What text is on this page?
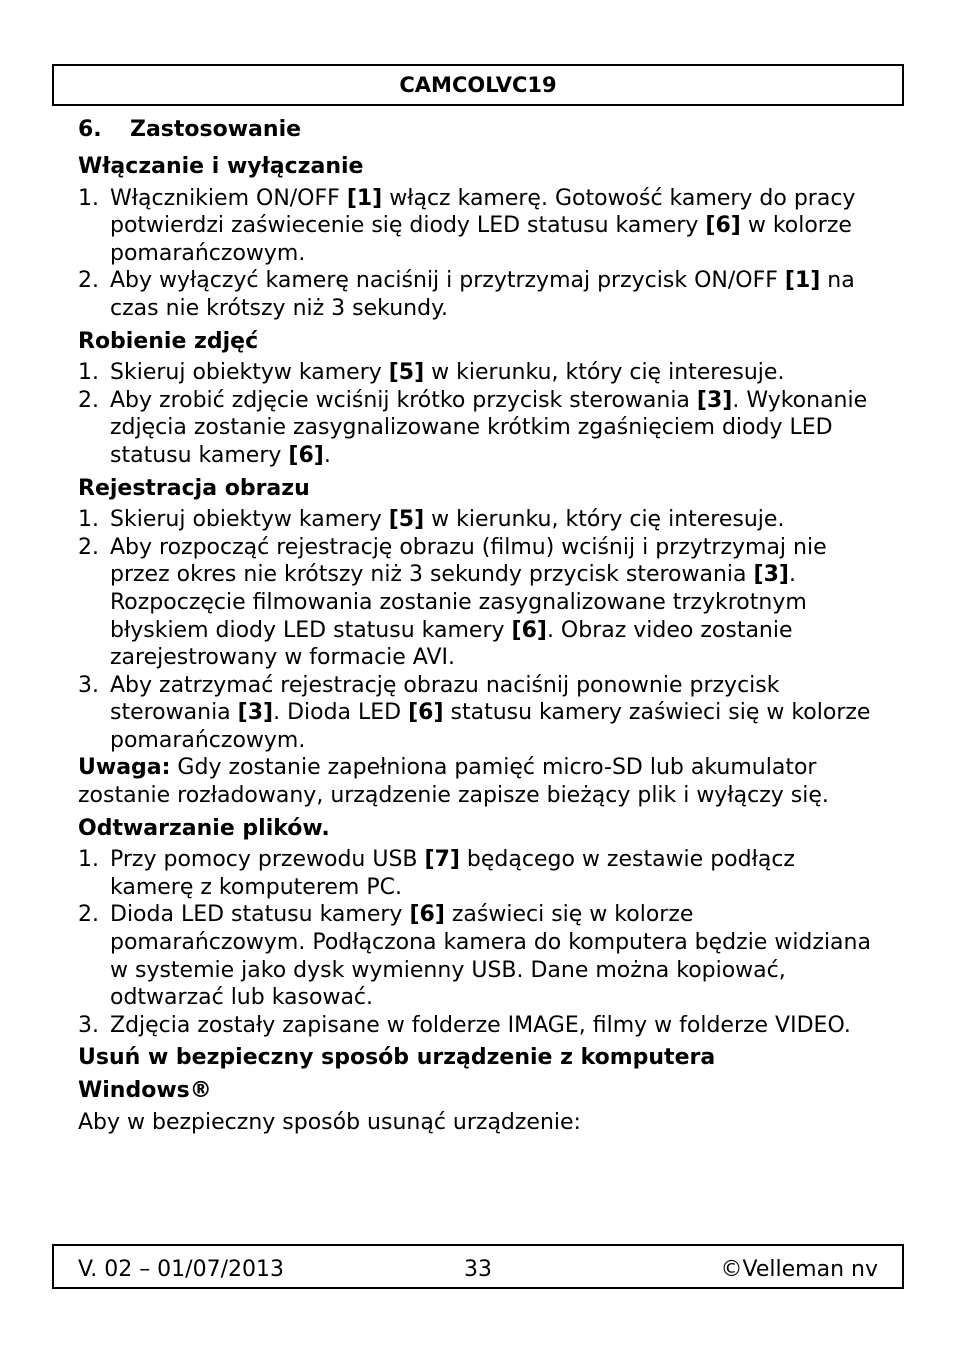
CAMCOLVC19
6.	Zastosowanie
Włączanie i wyłączanie
1. Włącznikiem ON/OFF [1] włącz kamerę. Gotowość kamery do pracy potwierdzi zaświecenie się diody LED statusu kamery [6] w kolorze pomarańczowym.
2. Aby wyłączyć kamerę naciśnij i przytrzymaj przycisk ON/OFF [1] na czas nie krótszy niż 3 sekundy.
Robienie zdjęć
1. Skieruj obiektyw kamery [5] w kierunku, który cię interesuje.
2. Aby zrobić zdjęcie wciśnij krótko przycisk sterowania [3]. Wykonanie zdjęcia zostanie zasygnalizowane krótkim zgaśnięciem diody LED statusu kamery [6].
Rejestracja obrazu
1. Skieruj obiektyw kamery [5] w kierunku, który cię interesuje.
2. Aby rozpocząć rejestrację obrazu (filmu) wciśnij i przytrzymaj nie przez okres nie krótszy niż 3 sekundy przycisk sterowania [3]. Rozpoczęcie filmowania zostanie zasygnalizowane trzykrotnym błyskiem diody LED statusu kamery [6]. Obraz video zostanie zarejestrowany w formacie AVI.
3. Aby zatrzymać rejestrację obrazu naciśnij ponownie przycisk sterowania [3]. Dioda LED [6] statusu kamery zaświeci się w kolorze pomarańczowym.

Uwaga: Gdy zostanie zapełniona pamięć micro-SD lub akumulator zostanie rozładowany, urządzenie zapisze bieżący plik i wyłączy się.

Odtwarzanie plików.
1. Przy pomocy przewodu USB [7] będącego w zestawie podłącz kamerę z komputerem PC.
2. Dioda LED statusu kamery [6] zaświeci się w kolorze pomarańczowym. Podłączona kamera do komputera będzie widziana w systemie jako dysk wymienny USB. Dane można kopiować, odtwarzać lub kasować.
3. Zdjęcia zostały zapisane w folderze IMAGE, filmy w folderze VIDEO.
Usuń w bezpieczny sposób urządzenie z komputera
Windows®

Aby w bezpieczny sposób usunąć urządzenie:

V. 02 – 01/07/2013	33	©Velleman nv
